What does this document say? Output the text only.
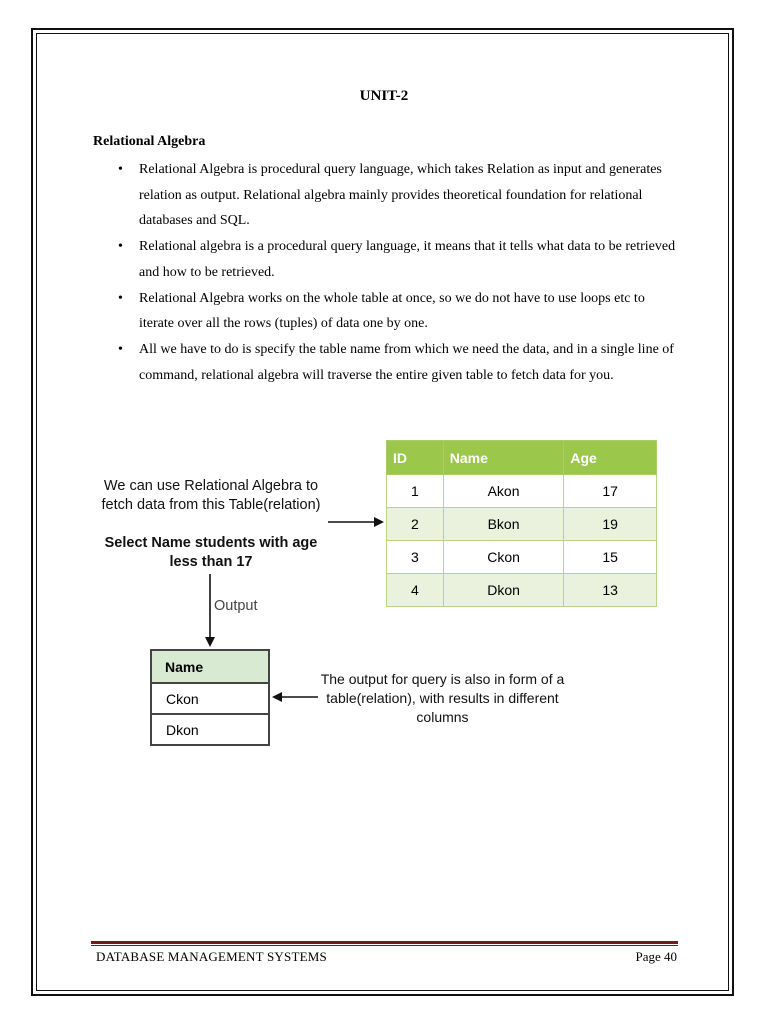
UNIT-2
Relational Algebra
• Relational Algebra is procedural query language, which takes Relation as input and generates relation as output. Relational algebra mainly provides theoretical foundation for relational databases and SQL.
• Relational algebra is a procedural query language, it means that it tells what data to be retrieved and how to be retrieved.
• Relational Algebra works on the whole table at once, so we do not have to use loops etc to iterate over all the rows (tuples) of data one by one.
• All we have to do is specify the table name from which we need the data, and in a single line of command, relational algebra will traverse the entire given table to fetch data for you.
We can use Relational Algebra to fetch data from this Table(relation)
Select Name students with age less than 17
Output
The output for query is also in form of a table(relation), with results in different columns
ID	Name	Age
1	Akon	17
2	Bkon	19
3	Ckon	15
4	Dkon	13
Name
Ckon
Dkon
DATABASE MANAGEMENT SYSTEMS	Page 40
